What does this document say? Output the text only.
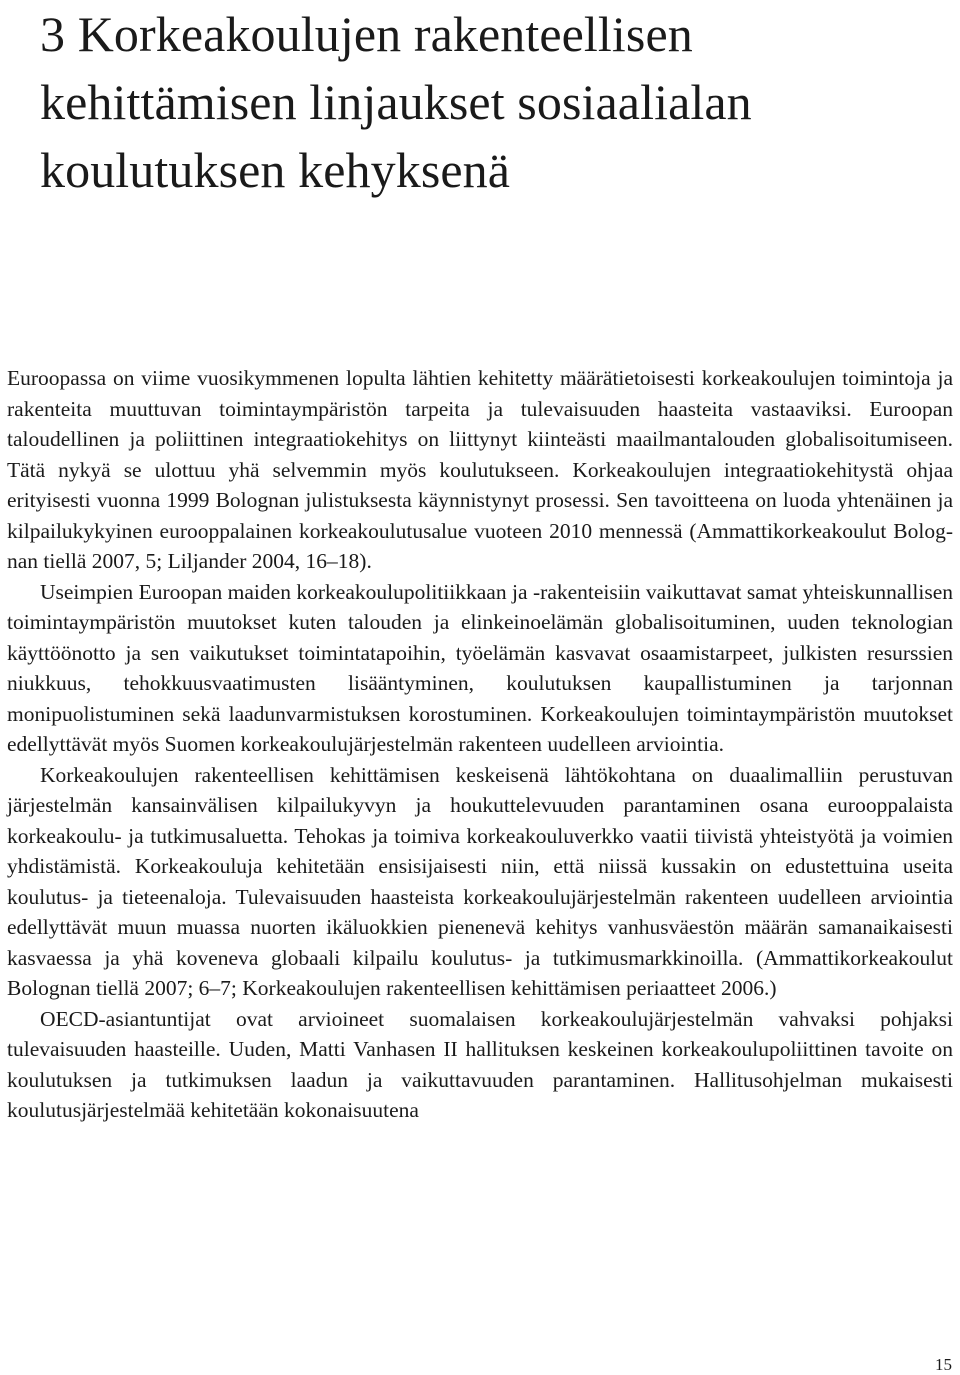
3 Korkeakoulujen rakenteellisen kehittämisen linjaukset sosiaalialan koulutuksen kehyksenä

Euroopassa on viime vuosikymmenen lopulta lähtien kehitetty määrätietoisesti korkeakoulujen toimintoja ja rakenteita muuttuvan toimintaympäristön tarpeita ja tulevaisuuden haasteita vastaaviksi. Euroopan taloudellinen ja poliittinen integraatiokehitys on liittynyt kiinteästi maailmantalouden globalisoitumiseen. Tätä nykyä se ulottuu yhä selvemmin myös koulutukseen. Korkeakoulujen integraatiokehitystä ohjaa erityisesti vuonna 1999 Bolognan julistuksesta käynnistynyt prosessi. Sen tavoitteena on luoda yhtenäinen ja kilpailukykyinen eurooppalainen korkeakoulutusalue vuoteen 2010 mennessä (Ammattikorkeakoulut Bolognan tiellä 2007, 5; Liljander 2004, 16–18).

Useimpien Euroopan maiden korkeakoulupolitiikkaan ja -rakenteisiin vaikuttavat samat yhteiskunnallisen toimintaympäristön muutokset kuten talouden ja elinkeinoelämän globalisoituminen, uuden teknologian käyttöönotto ja sen vaikutukset toimintatapoihin, työelämän kasvavat osaamistarpeet, julkisten resurssien niukkuus, tehokkuusvaatimusten lisääntyminen, koulutuksen kaupallistuminen ja tarjonnan monipuolistuminen sekä laadunvarmistuksen korostuminen. Korkeakoulujen toimintaympäristön muutokset edellyttävät myös Suomen korkeakoulujärjestelmän rakenteen uudelleen arviointia.

Korkeakoulujen rakenteellisen kehittämisen keskeisenä lähtökohtana on duaalimalliin perustuvan järjestelmän kansainvälisen kilpailukyvyn ja houkuttelevuuden parantaminen osana eurooppalaista korkeakoulu- ja tutkimusaluetta. Tehokas ja toimiva korkeakouluverkko vaatii tiivistä yhteistyötä ja voimien yhdistämistä. Korkeakouluja kehitetään ensisijaisesti niin, että niissä kussakin on edustettuina useita koulutus- ja tieteenaloja. Tulevaisuuden haasteista korkeakoulujärjestelmän rakenteen uudelleen arviointia edellyttävät muun muassa nuorten ikäluokkien pienenevä kehitys vanhusväestön määrän samanaikaisesti kasvaessa ja yhä koveneva globaali kilpailu koulutus- ja tutkimusmarkkinoilla. (Ammattikorkeakoulut Bolognan tiellä 2007; 6–7; Korkeakoulujen rakenteellisen kehittämisen periaatteet 2006.)

OECD-asiantuntijat ovat arvioineet suomalaisen korkeakoulujärjestelmän vahvaksi pohjaksi tulevaisuuden haasteille. Uuden, Matti Vanhasen II hallituksen keskeinen korkeakoulupoliittinen tavoite on koulutuksen ja tutkimuksen laadun ja vaikuttavuuden parantaminen. Hallitusohjelman mukaisesti koulutusjärjestelmää kehitetään kokonaisuutena

15
